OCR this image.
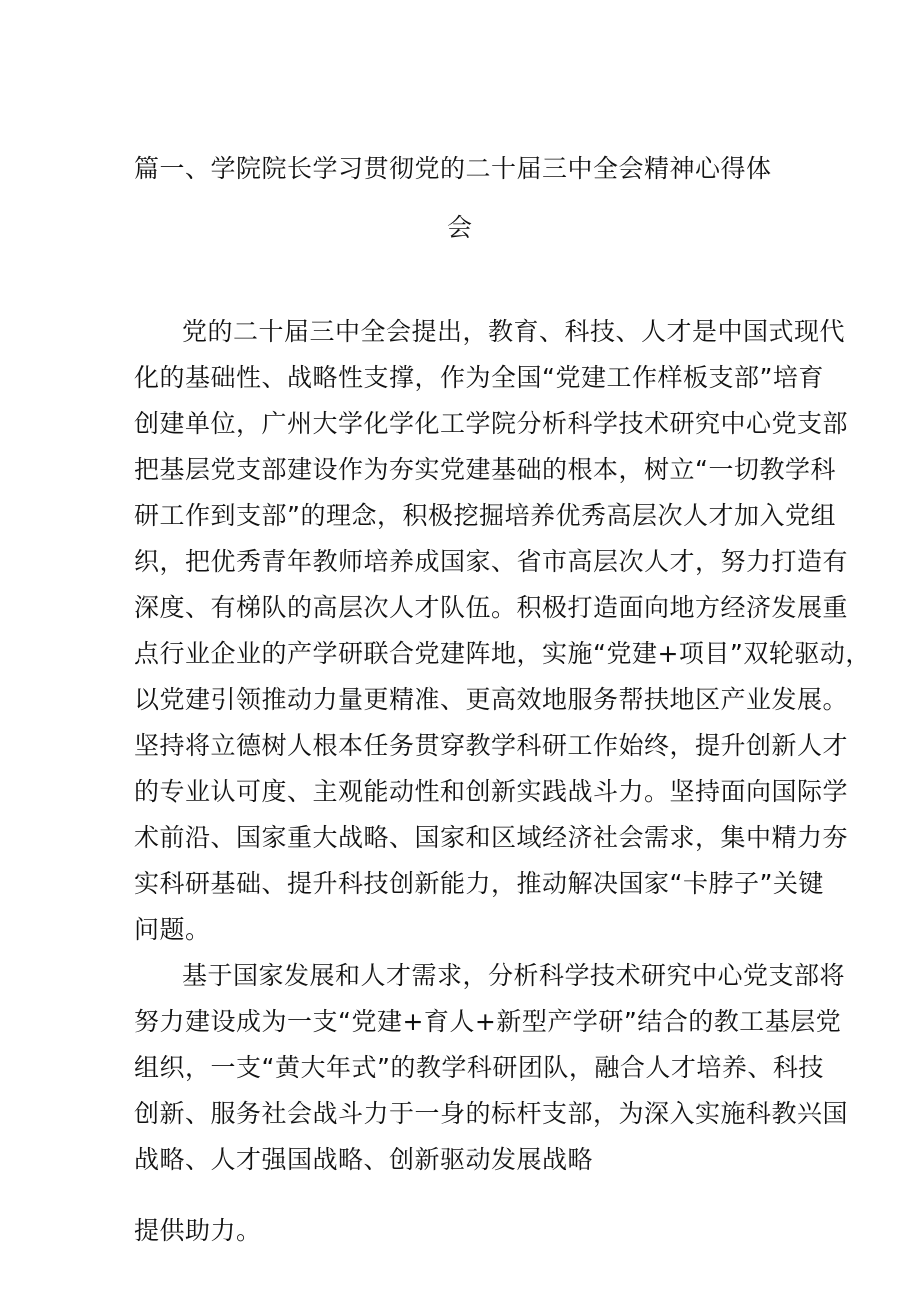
篇一、学院院长学习贯彻党的二十届三中全会精神心得体
会
党的二十届三中全会提出，教育、科技、人才是中国式现代
化的基础性、战略性支撑，作为全国“党建工作样板支部”培育
创建单位，广州大学化学化工学院分析科学技术研究中心党支部
把基层党支部建设作为夯实党建基础的根本，树立“一切教学科
研工作到支部”的理念，积极挖掘培养优秀高层次人才加入党组
织，把优秀青年教师培养成国家、省市高层次人才，努力打造有
深度、有梯队的高层次人才队伍。积极打造面向地方经济发展重
点行业企业的产学研联合党建阵地，实施“党建+项目”双轮驱动，
以党建引领推动力量更精准、更高效地服务帮扶地区产业发展。
坚持将立德树人根本任务贯穿教学科研工作始终，提升创新人才
的专业认可度、主观能动性和创新实践战斗力。坚持面向国际学
术前沿、国家重大战略、国家和区域经济社会需求，集中精力夯
实科研基础、提升科技创新能力，推动解决国家“卡脖子”关键
问题。
基于国家发展和人才需求，分析科学技术研究中心党支部将
努力建设成为一支“党建+育人+新型产学研”结合的教工基层党
组织，一支“黄大年式”的教学科研团队，融合人才培养、科技
创新、服务社会战斗力于一身的标杆支部，为深入实施科教兴国
战略、人才强国战略、创新驱动发展战略
提供助力。
